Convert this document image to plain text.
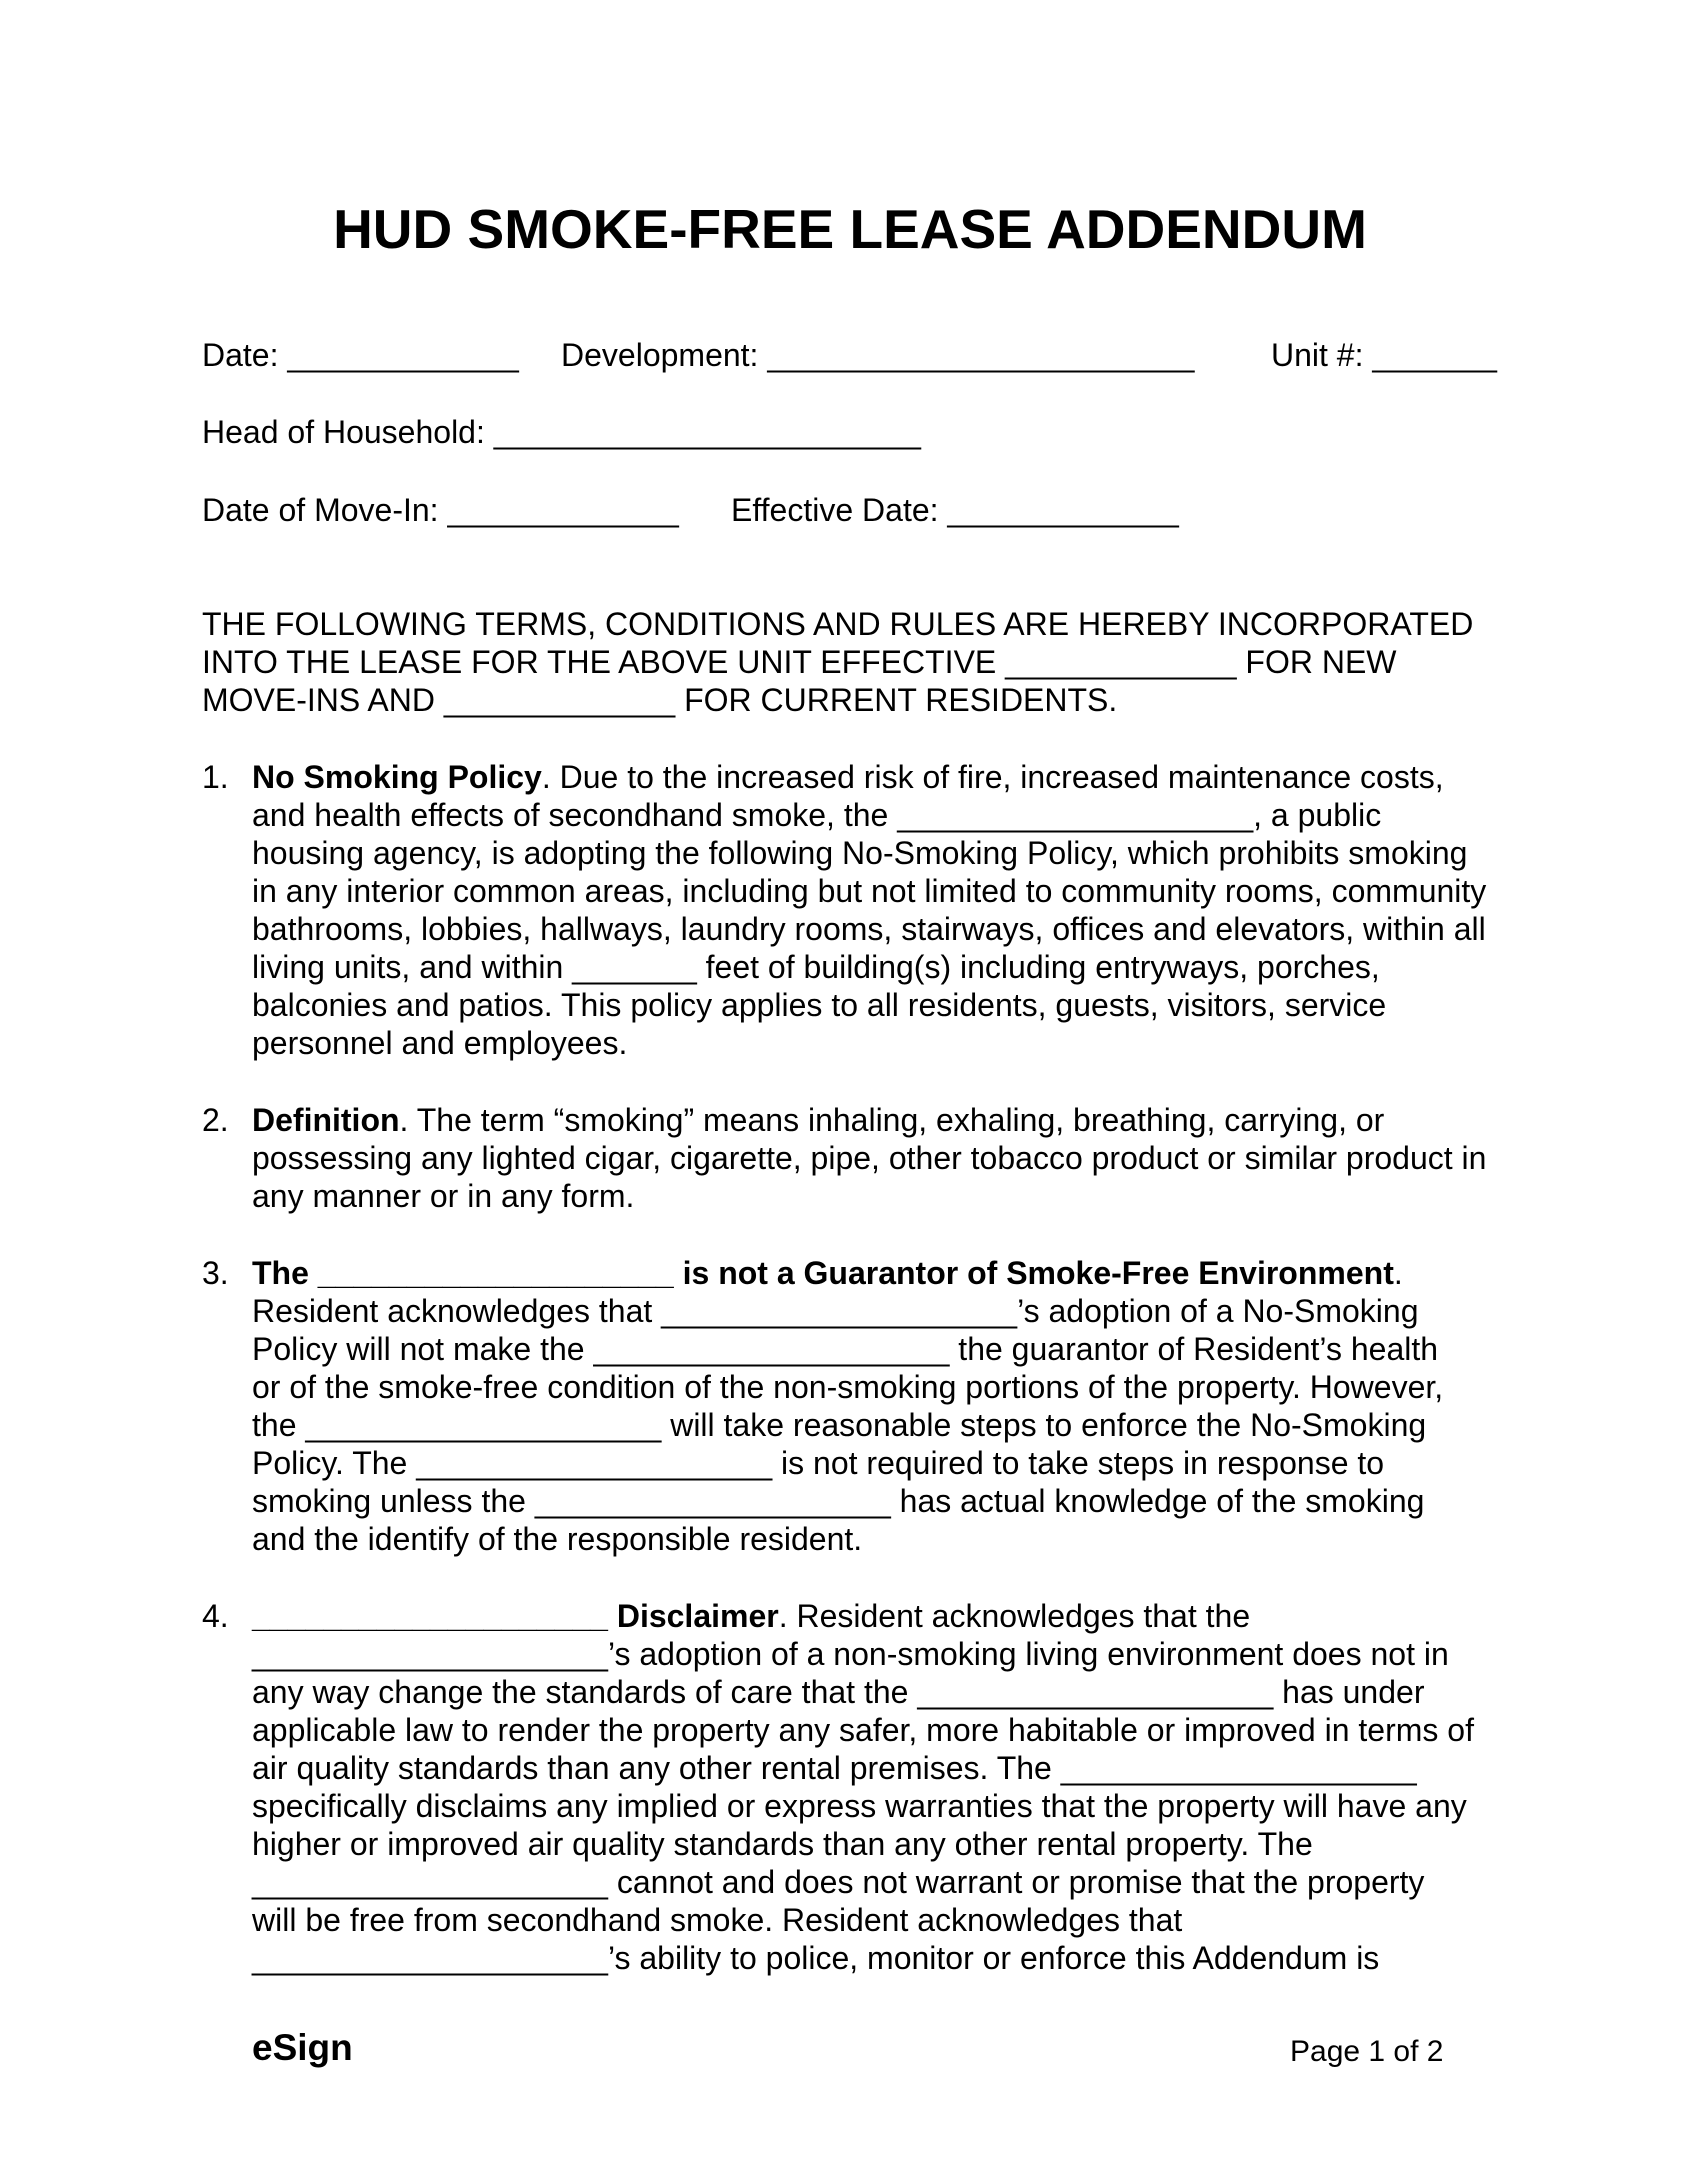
HUD SMOKE-FREE LEASE ADDENDUM
Date: _____________ Development: ________________________ Unit #: _______
Head of Household: ________________________
Date of Move-In: _____________ Effective Date: _____________
THE FOLLOWING TERMS, CONDITIONS AND RULES ARE HEREBY INCORPORATED
INTO THE LEASE FOR THE ABOVE UNIT EFFECTIVE _____________ FOR NEW
MOVE-INS AND _____________ FOR CURRENT RESIDENTS.
1. No Smoking Policy. Due to the increased risk of fire, increased maintenance costs,
and health effects of secondhand smoke, the ____________________, a public
housing agency, is adopting the following No-Smoking Policy, which prohibits smoking
in any interior common areas, including but not limited to community rooms, community
bathrooms, lobbies, hallways, laundry rooms, stairways, offices and elevators, within all
living units, and within _______ feet of building(s) including entryways, porches,
balconies and patios. This policy applies to all residents, guests, visitors, service
personnel and employees.
2. Definition. The term “smoking” means inhaling, exhaling, breathing, carrying, or
possessing any lighted cigar, cigarette, pipe, other tobacco product or similar product in
any manner or in any form.
3. The ____________________ is not a Guarantor of Smoke-Free Environment.
Resident acknowledges that ____________________’s adoption of a No-Smoking
Policy will not make the ____________________ the guarantor of Resident’s health
or of the smoke-free condition of the non-smoking portions of the property. However,
the ____________________ will take reasonable steps to enforce the No-Smoking
Policy. The ____________________ is not required to take steps in response to
smoking unless the ____________________ has actual knowledge of the smoking
and the identify of the responsible resident.
4. ____________________ Disclaimer. Resident acknowledges that the
____________________’s adoption of a non-smoking living environment does not in
any way change the standards of care that the ____________________ has under
applicable law to render the property any safer, more habitable or improved in terms of
air quality standards than any other rental premises. The ____________________
specifically disclaims any implied or express warranties that the property will have any
higher or improved air quality standards than any other rental property. The
____________________ cannot and does not warrant or promise that the property
will be free from secondhand smoke. Resident acknowledges that
____________________’s ability to police, monitor or enforce this Addendum is
eSign	Page 1 of 2
